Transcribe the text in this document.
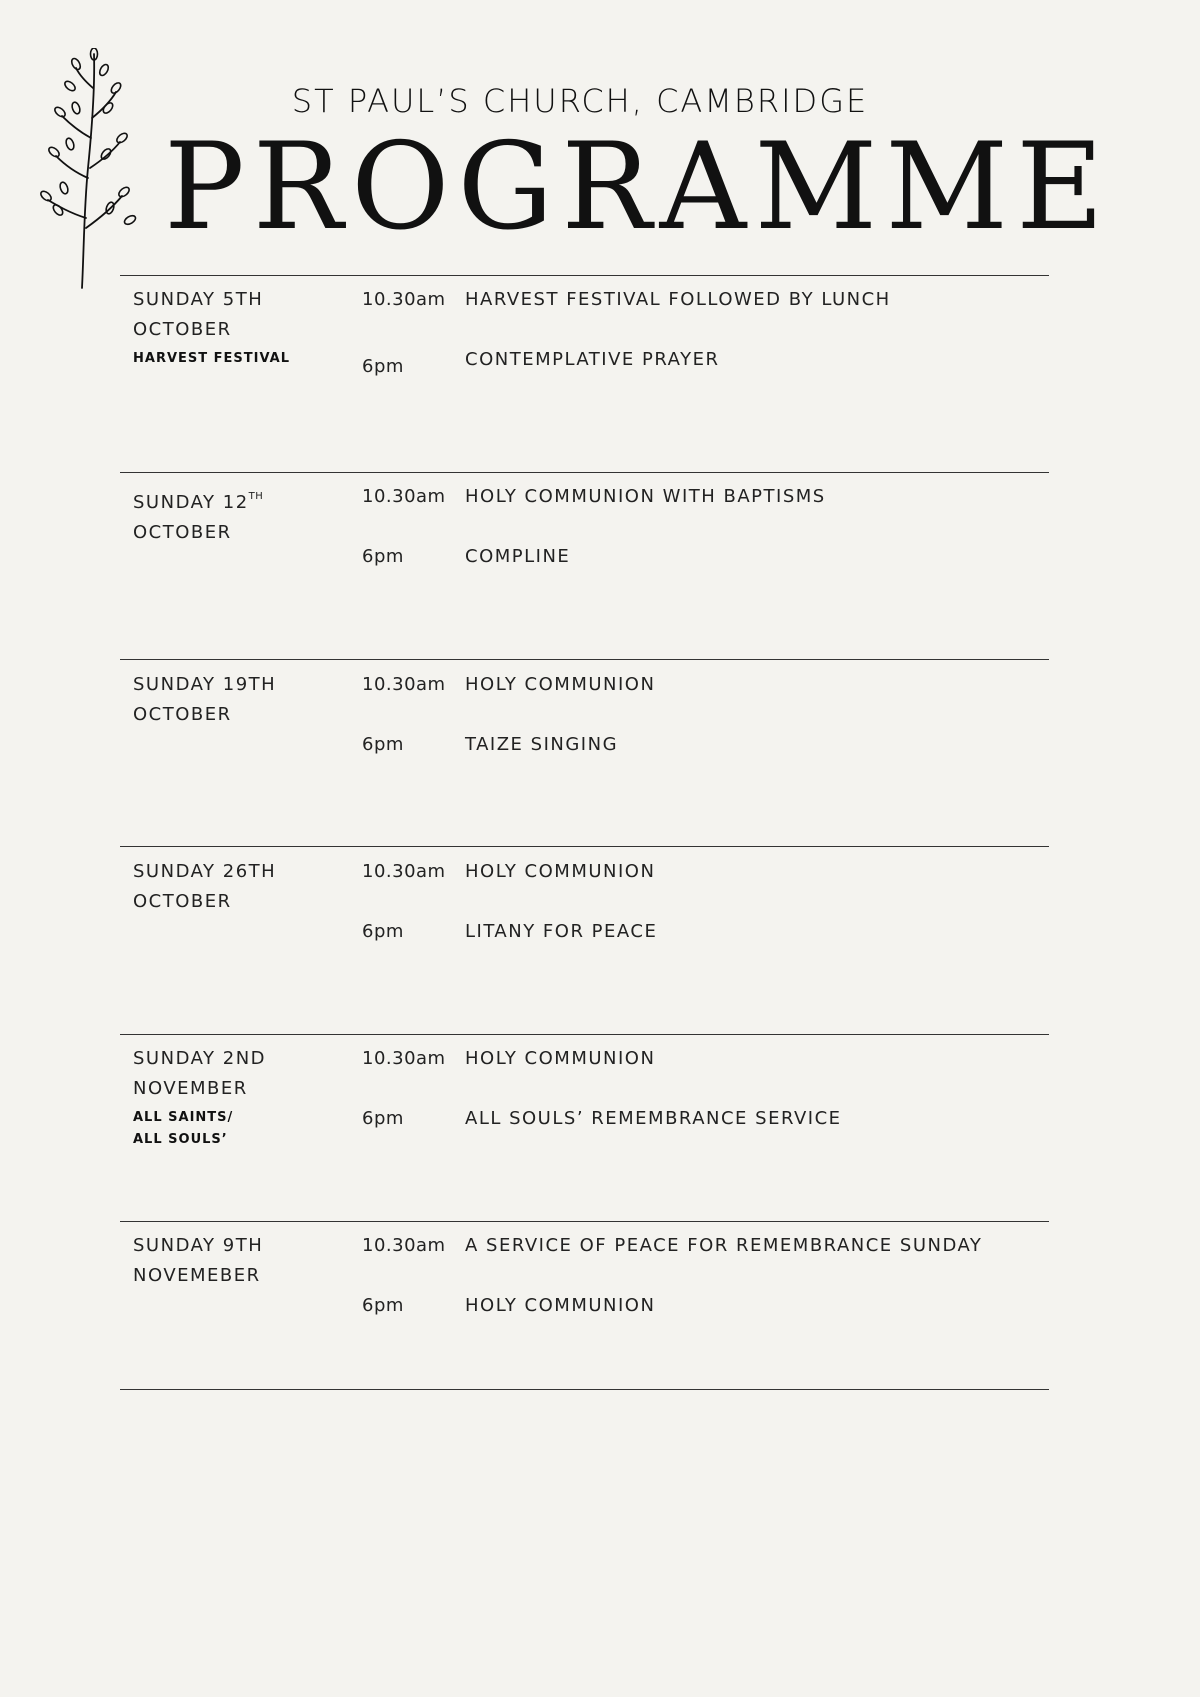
ST PAUL’S CHURCH, CAMBRIDGE
PROGRAMME
SUNDAY 5TH
OCTOBER
HARVEST FESTIVAL
10.30am	HARVEST FESTIVAL FOLLOWED BY LUNCH
6pm	CONTEMPLATIVE PRAYER
SUNDAY 12TH
OCTOBER
10.30am	HOLY COMMUNION WITH BAPTISMS
6pm	COMPLINE
SUNDAY 19TH
OCTOBER
10.30am	HOLY COMMUNION
6pm	TAIZE SINGING
SUNDAY 26TH
OCTOBER
10.30am	HOLY COMMUNION
6pm	LITANY FOR PEACE
SUNDAY 2ND
NOVEMBER
ALL SAINTS/
ALL SOULS’
10.30am	HOLY COMMUNION
6pm	ALL SOULS’ REMEMBRANCE SERVICE
SUNDAY 9TH
NOVEMEBER
10.30am	A SERVICE OF PEACE FOR REMEMBRANCE SUNDAY
6pm	HOLY COMMUNION
